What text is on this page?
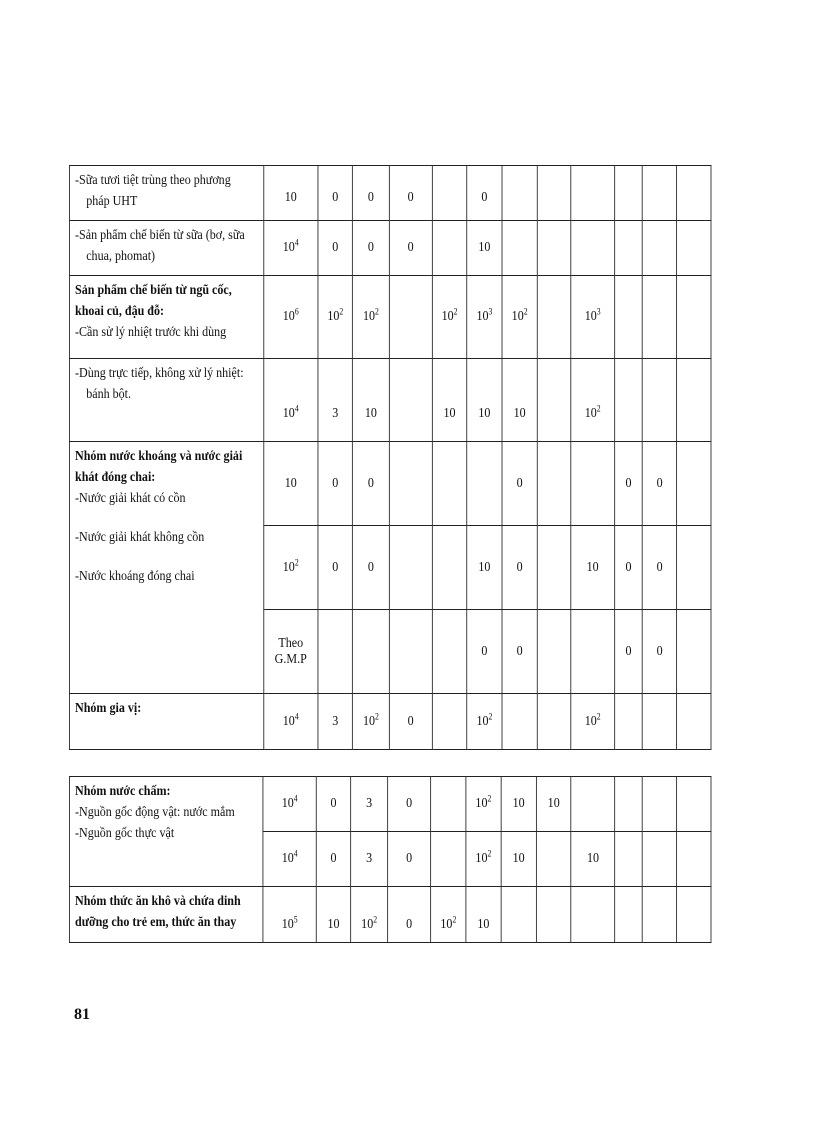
-Sữa tươi tiệt trùng theo phương
pháp UHT	10	0	0	0		0						

-Sản phẩm chế biến từ sữa (bơ, sữa
chua, phomat)	$10^4$	0	0	0		10						

Sản phẩm chế biến từ ngũ cốc,
khoai củ, đậu đỗ:
-Cần sử lý nhiệt trước khi dùng	$10^6$	$10^2$	$10^2$		$10^2$	$10^3$	$10^2$		$10^3$

-Dùng trực tiếp, không xử lý nhiệt:
bánh bột.	$10^4$	3	10		10	10	10		$10^2$

Nhóm nước khoáng và nước giải
khát đóng chai:
-Nước giải khát có cồn
-Nước giải khát không cồn
-Nước khoáng đóng chai	10	0	0				0			0	0	

	$10^2$	0	0			10	0		10	0	0	

	Theo G.M.P					0	0			0	0	

Nhóm gia vị:	$10^4$	3	$10^2$	0		$10^2$			$10^2$

Nhóm nước chấm:
-Nguồn gốc động vật: nước mắm
-Nguồn gốc thực vật	$10^4$	0	3	0		$10^2$	10	10				

	$10^4$	0	3	0		$10^2$	10		10			

Nhóm thức ăn khô và chứa dinh
dưỡng cho trẻ em, thức ăn thay	$10^5$	10	$10^2$	0	$10^2$	10						

81
